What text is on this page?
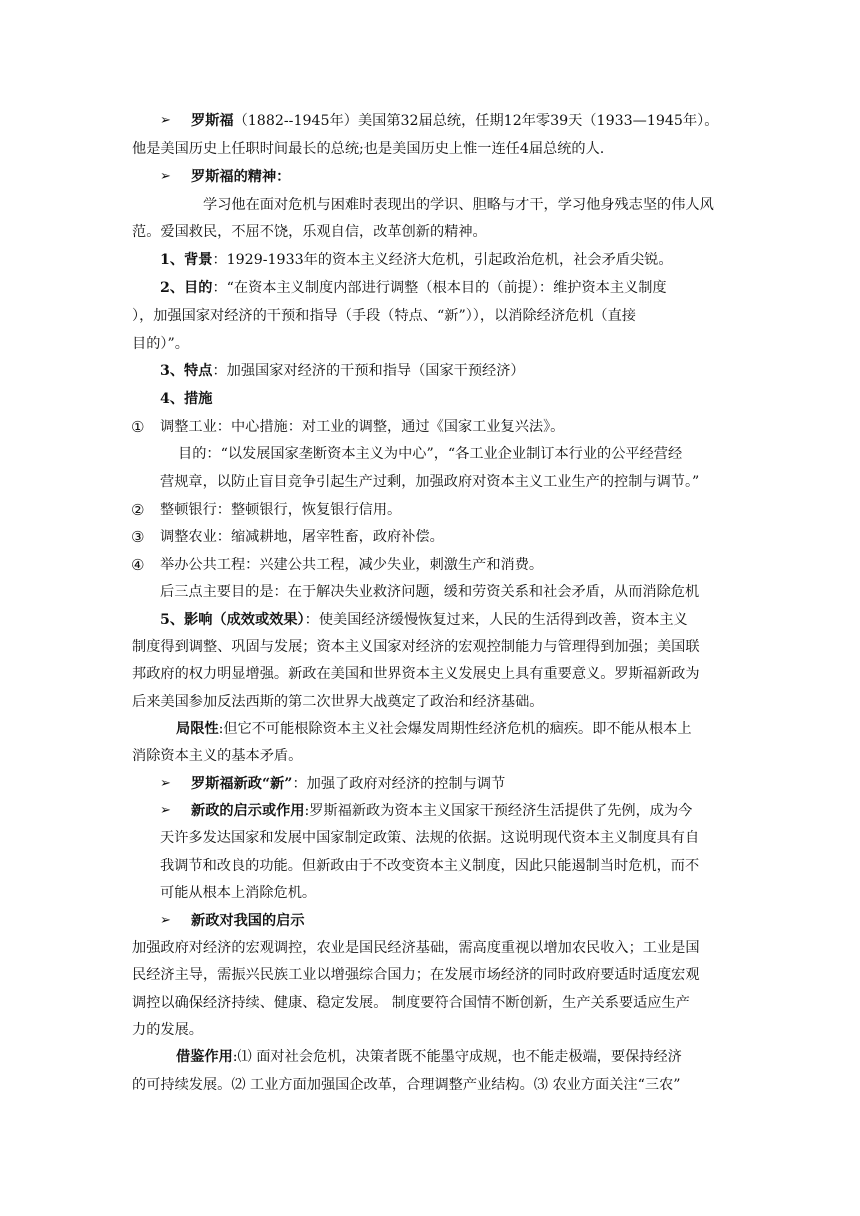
➢ 罗斯福（1882--1945年）美国第32届总统，任期12年零39天（1933—1945年）。
他是美国历史上任职时间最长的总统;也是美国历史上惟一连任4届总统的人.
➢ 罗斯福的精神：
学习他在面对危机与困难时表现出的学识、胆略与才干，学习他身残志坚的伟人风
范。爱国救民，不屈不饶，乐观自信，改革创新的精神。
1、背景：1929-1933年的资本主义经济大危机，引起政治危机，社会矛盾尖锐。
2、目的：“在资本主义制度内部进行调整（根本目的（前提）：维护资本主义制度
），加强国家对经济的干预和指导（手段（特点、“新”）），以消除经济危机（直接
目的）”。
3、特点：加强国家对经济的干预和指导（国家干预经济）
4、措施
① 调整工业：中心措施：对工业的调整，通过《国家工业复兴法》。
目的：“以发展国家垄断资本主义为中心”，“各工业企业制订本行业的公平经营经
营规章，以防止盲目竞争引起生产过剩，加强政府对资本主义工业生产的控制与调节。”
② 整顿银行：整顿银行，恢复银行信用。
③ 调整农业：缩减耕地，屠宰牲畜，政府补偿。
④ 举办公共工程：兴建公共工程，减少失业，刺激生产和消费。
后三点主要目的是：在于解决失业救济问题，缓和劳资关系和社会矛盾，从而消除危机
5、影响（成效或效果）：使美国经济缓慢恢复过来，人民的生活得到改善，资本主义
制度得到调整、巩固与发展；资本主义国家对经济的宏观控制能力与管理得到加强；美国联
邦政府的权力明显增强。新政在美国和世界资本主义发展史上具有重要意义。罗斯福新政为
后来美国参加反法西斯的第二次世界大战奠定了政治和经济基础。
局限性:但它不可能根除资本主义社会爆发周期性经济危机的痼疾。即不能从根本上
消除资本主义的基本矛盾。
➢ 罗斯福新政“新”：加强了政府对经济的控制与调节
➢ 新政的启示或作用:罗斯福新政为资本主义国家干预经济生活提供了先例，成为今
天许多发达国家和发展中国家制定政策、法规的依据。这说明现代资本主义制度具有自
我调节和改良的功能。但新政由于不改变资本主义制度，因此只能遏制当时危机，而不
可能从根本上消除危机。
➢ 新政对我国的启示
加强政府对经济的宏观调控，农业是国民经济基础，需高度重视以增加农民收入；工业是国
民经济主导，需振兴民族工业以增强综合国力；在发展市场经济的同时政府要适时适度宏观
调控以确保经济持续、健康、稳定发展。 制度要符合国情不断创新，生产关系要适应生产
力的发展。
借鉴作用:⑴ 面对社会危机，决策者既不能墨守成规，也不能走极端，要保持经济
的可持续发展。⑵ 工业方面加强国企改革，合理调整产业结构。⑶ 农业方面关注“三农”
